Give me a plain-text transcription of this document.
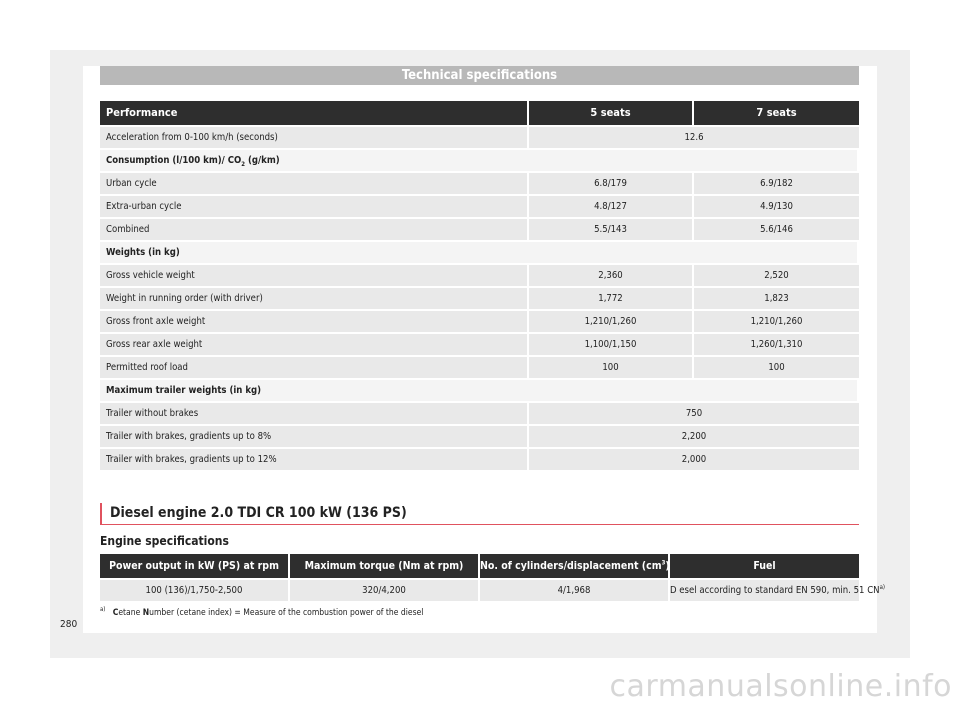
Technical specifications
Performance	5 seats	7 seats
Acceleration from 0-100 km/h (seconds)	12.6
Consumption (l/100 km)/ $CO_2$ (g/km)
Urban cycle	6.8/179	6.9/182
Extra-urban cycle	4.8/127	4.9/130
Combined	5.5/143	5.6/146
Weights (in kg)
Gross vehicle weight	2,360	2,520
Weight in running order (with driver)	1,772	1,823
Gross front axle weight	1,210/1,260	1,210/1,260
Gross rear axle weight	1,100/1,150	1,260/1,310
Permitted roof load	100	100
Maximum trailer weights (in kg)
Trailer without brakes	750
Trailer with brakes, gradients up to 8%	2,200
Trailer with brakes, gradients up to 12%	2,000
Diesel engine 2.0 TDI CR 100 kW (136 PS)
Engine specifications
Power output in kW (PS) at rpm	Maximum torque (Nm at rpm)	No. of cylinders/displacement $(cm^3)$	Fuel
100 (136)/1,750-2,500	320/4,200	4/1,968	D esel according to standard EN 590, min. 51 CN$^{a)}$
$^{a)}$ Cetane Number (cetane index) = Measure of the combustion power of the diesel
280
carmanualsonline.info
